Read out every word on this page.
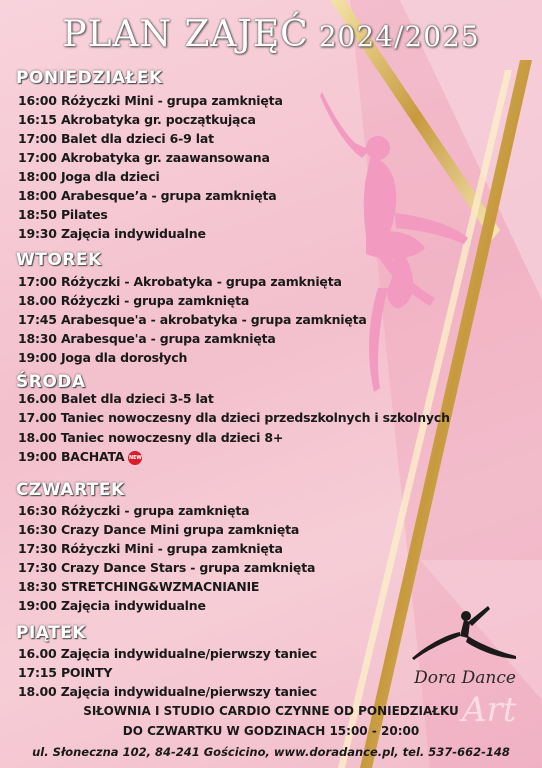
PLAN ZAJĘĆ 2024/2025
PONIEDZIAŁEK
16:00 Różyczki Mini - grupa zamknięta
16:15 Akrobatyka gr. początkująca
17:00 Balet dla dzieci 6-9 lat
17:00 Akrobatyka gr. zaawansowana
18:00 Joga dla dzieci
18:00 Arabesque’a - grupa zamknięta
18:50 Pilates
19:30 Zajęcia indywidualne
WTOREK
17:00 Różyczki - Akrobatyka - grupa zamknięta
18.00 Różyczki - grupa zamknięta
17:45 Arabesque'a - akrobatyka - grupa zamknięta
18:30 Arabesque'a - grupa zamknięta
19:00 Joga dla dorosłych
ŚRODA
16.00 Balet dla dzieci 3-5 lat
17.00 Taniec nowoczesny dla dzieci przedszkolnych i szkolnych
18.00 Taniec nowoczesny dla dzieci 8+
19:00 BACHATA NEW
CZWARTEK
16:30 Różyczki - grupa zamknięta
16:30 Crazy Dance Mini grupa zamknięta
17:30 Różyczki Mini - grupa zamknięta
17:30 Crazy Dance Stars - grupa zamknięta
18:30 STRETCHING&WZMACNIANIE
19:00 Zajęcia indywidualne
PIĄTEK
16.00 Zajęcia indywidualne/pierwszy taniec
17:15 POINTY
18.00 Zajęcia indywidualne/pierwszy taniec
Dora Dance
Art
SIŁOWNIA I STUDIO CARDIO CZYNNE OD PONIEDZIAŁKU
DO CZWARTKU W GODZINACH 15:00 - 20:00
ul. Słoneczna 102, 84-241 Gościcino, www.doradance.pl, tel. 537-662-148
